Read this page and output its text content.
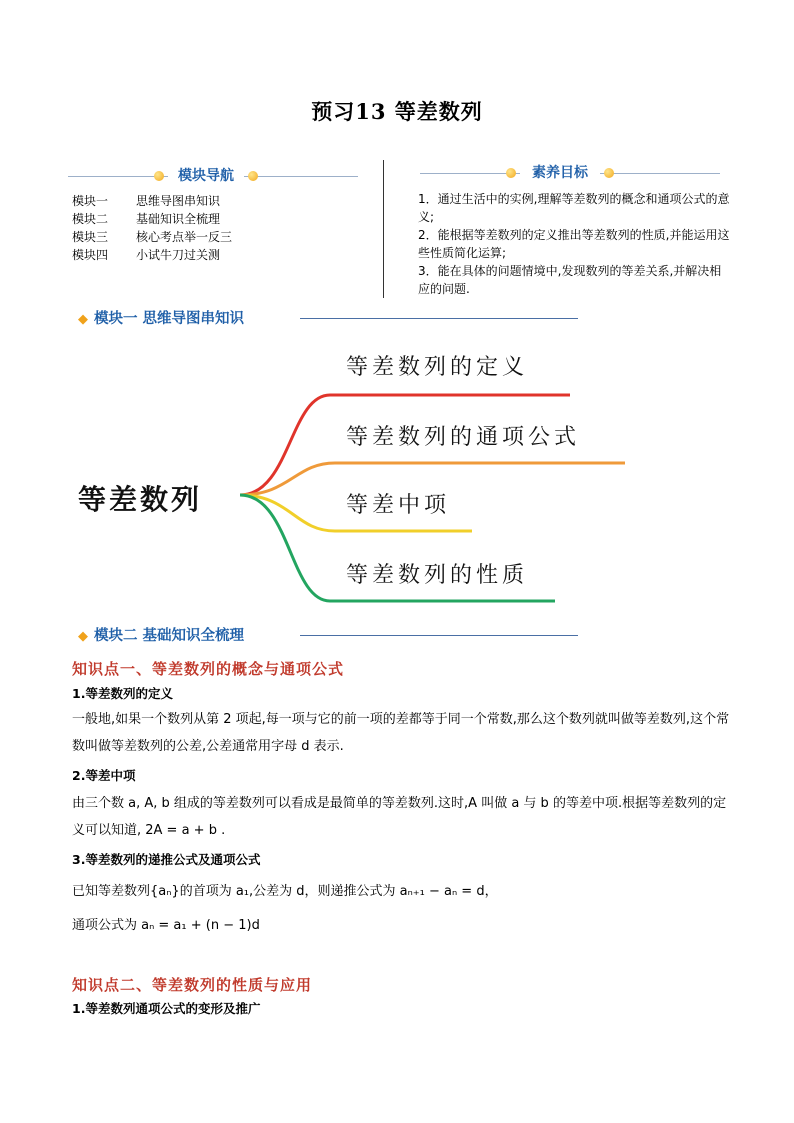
预习13 等差数列
模块导航
模块一 思维导图串知识
模块二 基础知识全梳理
模块三 核心考点举一反三
模块四 小试牛刀过关测
素养目标
1．通过生活中的实例,理解等差数列的概念和通项公式的意义;
2．能根据等差数列的定义推出等差数列的性质,并能运用这些性质简化运算;
3．能在具体的问题情境中,发现数列的等差关系,并解决相应的问题.
◆ 模块一 思维导图串知识
等差数列
等差数列的定义
等差数列的通项公式
等差中项
等差数列的性质
◆ 模块二 基础知识全梳理
知识点一、等差数列的概念与通项公式
1.等差数列的定义
一般地,如果一个数列从第 2 项起,每一项与它的前一项的差都等于同一个常数,那么这个数列就叫做等差数列,这个常数叫做等差数列的公差,公差通常用字母 d 表示.
2.等差中项
由三个数 a, A, b 组成的等差数列可以看成是最简单的等差数列.这时,A 叫做 a 与 b 的等差中项.根据等差数列的定义可以知道, 2A = a + b .
3.等差数列的递推公式及通项公式
已知等差数列{aₙ}的首项为 a₁,公差为 d，则递推公式为 aₙ₊₁ − aₙ = d，
通项公式为 aₙ = a₁ + (n − 1)d
知识点二、等差数列的性质与应用
1.等差数列通项公式的变形及推广
